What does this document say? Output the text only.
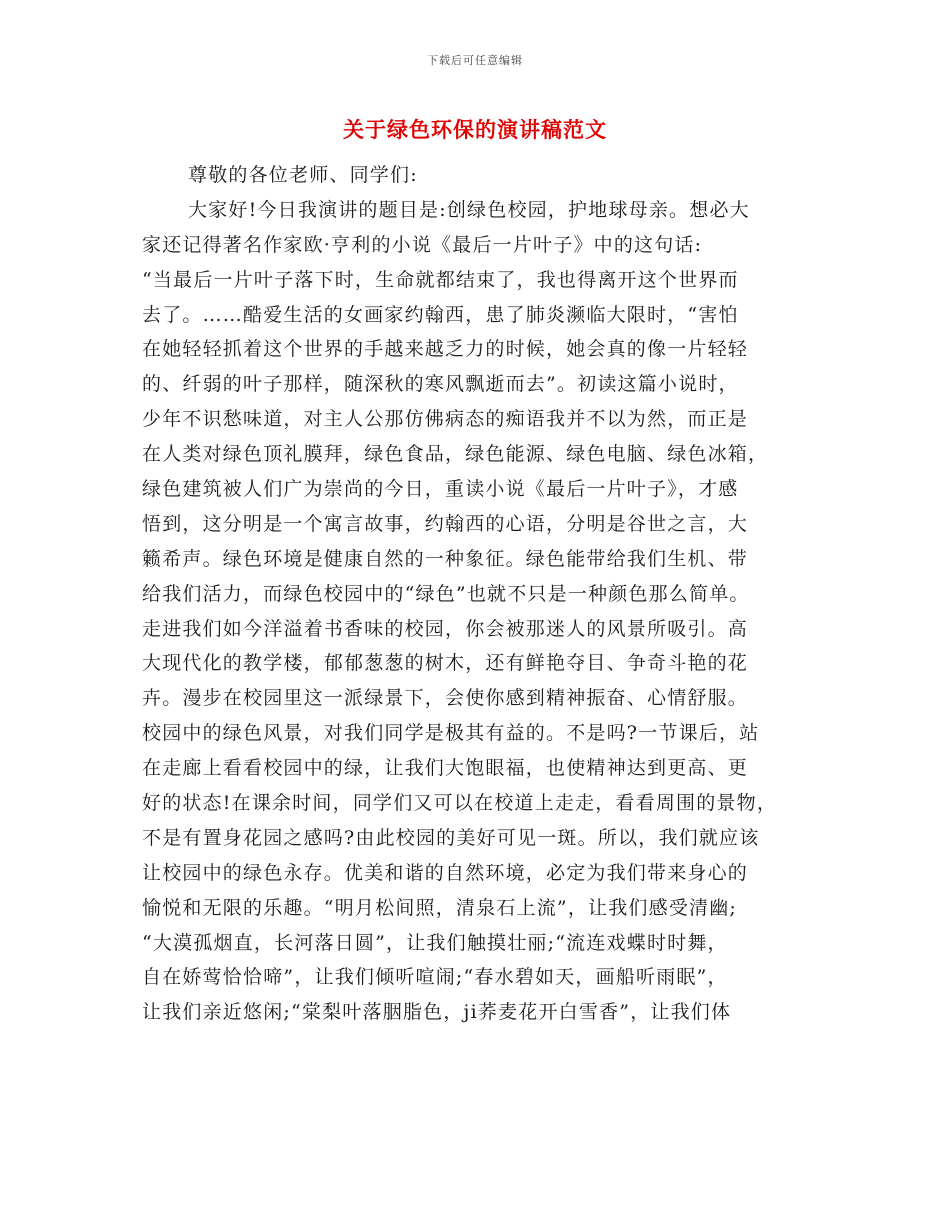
下载后可任意编辑
关于绿色环保的演讲稿范文
尊敬的各位老师、同学们:
大家好!今日我演讲的题目是:创绿色校园，护地球母亲。想必大
家还记得著名作家欧·亨利的小说《最后一片叶子》中的这句话:
“当最后一片叶子落下时，生命就都结束了，我也得离开这个世界而
去了。……酷爱生活的女画家约翰西，患了肺炎濒临大限时，“害怕
在她轻轻抓着这个世界的手越来越乏力的时候，她会真的像一片轻轻
的、纤弱的叶子那样，随深秋的寒风飘逝而去”。初读这篇小说时，
少年不识愁味道，对主人公那仿佛病态的痴语我并不以为然，而正是
在人类对绿色顶礼膜拜，绿色食品，绿色能源、绿色电脑、绿色冰箱，
绿色建筑被人们广为崇尚的今日，重读小说《最后一片叶子》，才感
悟到，这分明是一个寓言故事，约翰西的心语，分明是谷世之言，大
籁希声。绿色环境是健康自然的一种象征。绿色能带给我们生机、带
给我们活力，而绿色校园中的“绿色”也就不只是一种颜色那么简单。
走进我们如今洋溢着书香味的校园，你会被那迷人的风景所吸引。高
大现代化的教学楼，郁郁葱葱的树木，还有鲜艳夺目、争奇斗艳的花
卉。漫步在校园里这一派绿景下，会使你感到精神振奋、心情舒服。
校园中的绿色风景，对我们同学是极其有益的。不是吗?一节课后，站
在走廊上看看校园中的绿，让我们大饱眼福，也使精神达到更高、更
好的状态!在课余时间，同学们又可以在校道上走走，看看周围的景物，
不是有置身花园之感吗?由此校园的美好可见一斑。所以，我们就应该
让校园中的绿色永存。优美和谐的自然环境，必定为我们带来身心的
愉悦和无限的乐趣。“明月松间照，清泉石上流”，让我们感受清幽;
“大漠孤烟直，长河落日圆”，让我们触摸壮丽;“流连戏蝶时时舞，
自在娇莺恰恰啼”，让我们倾听喧闹;“春水碧如天，画船听雨眠”，
让我们亲近悠闲;“棠梨叶落胭脂色，ji荞麦花开白雪香”，让我们体
